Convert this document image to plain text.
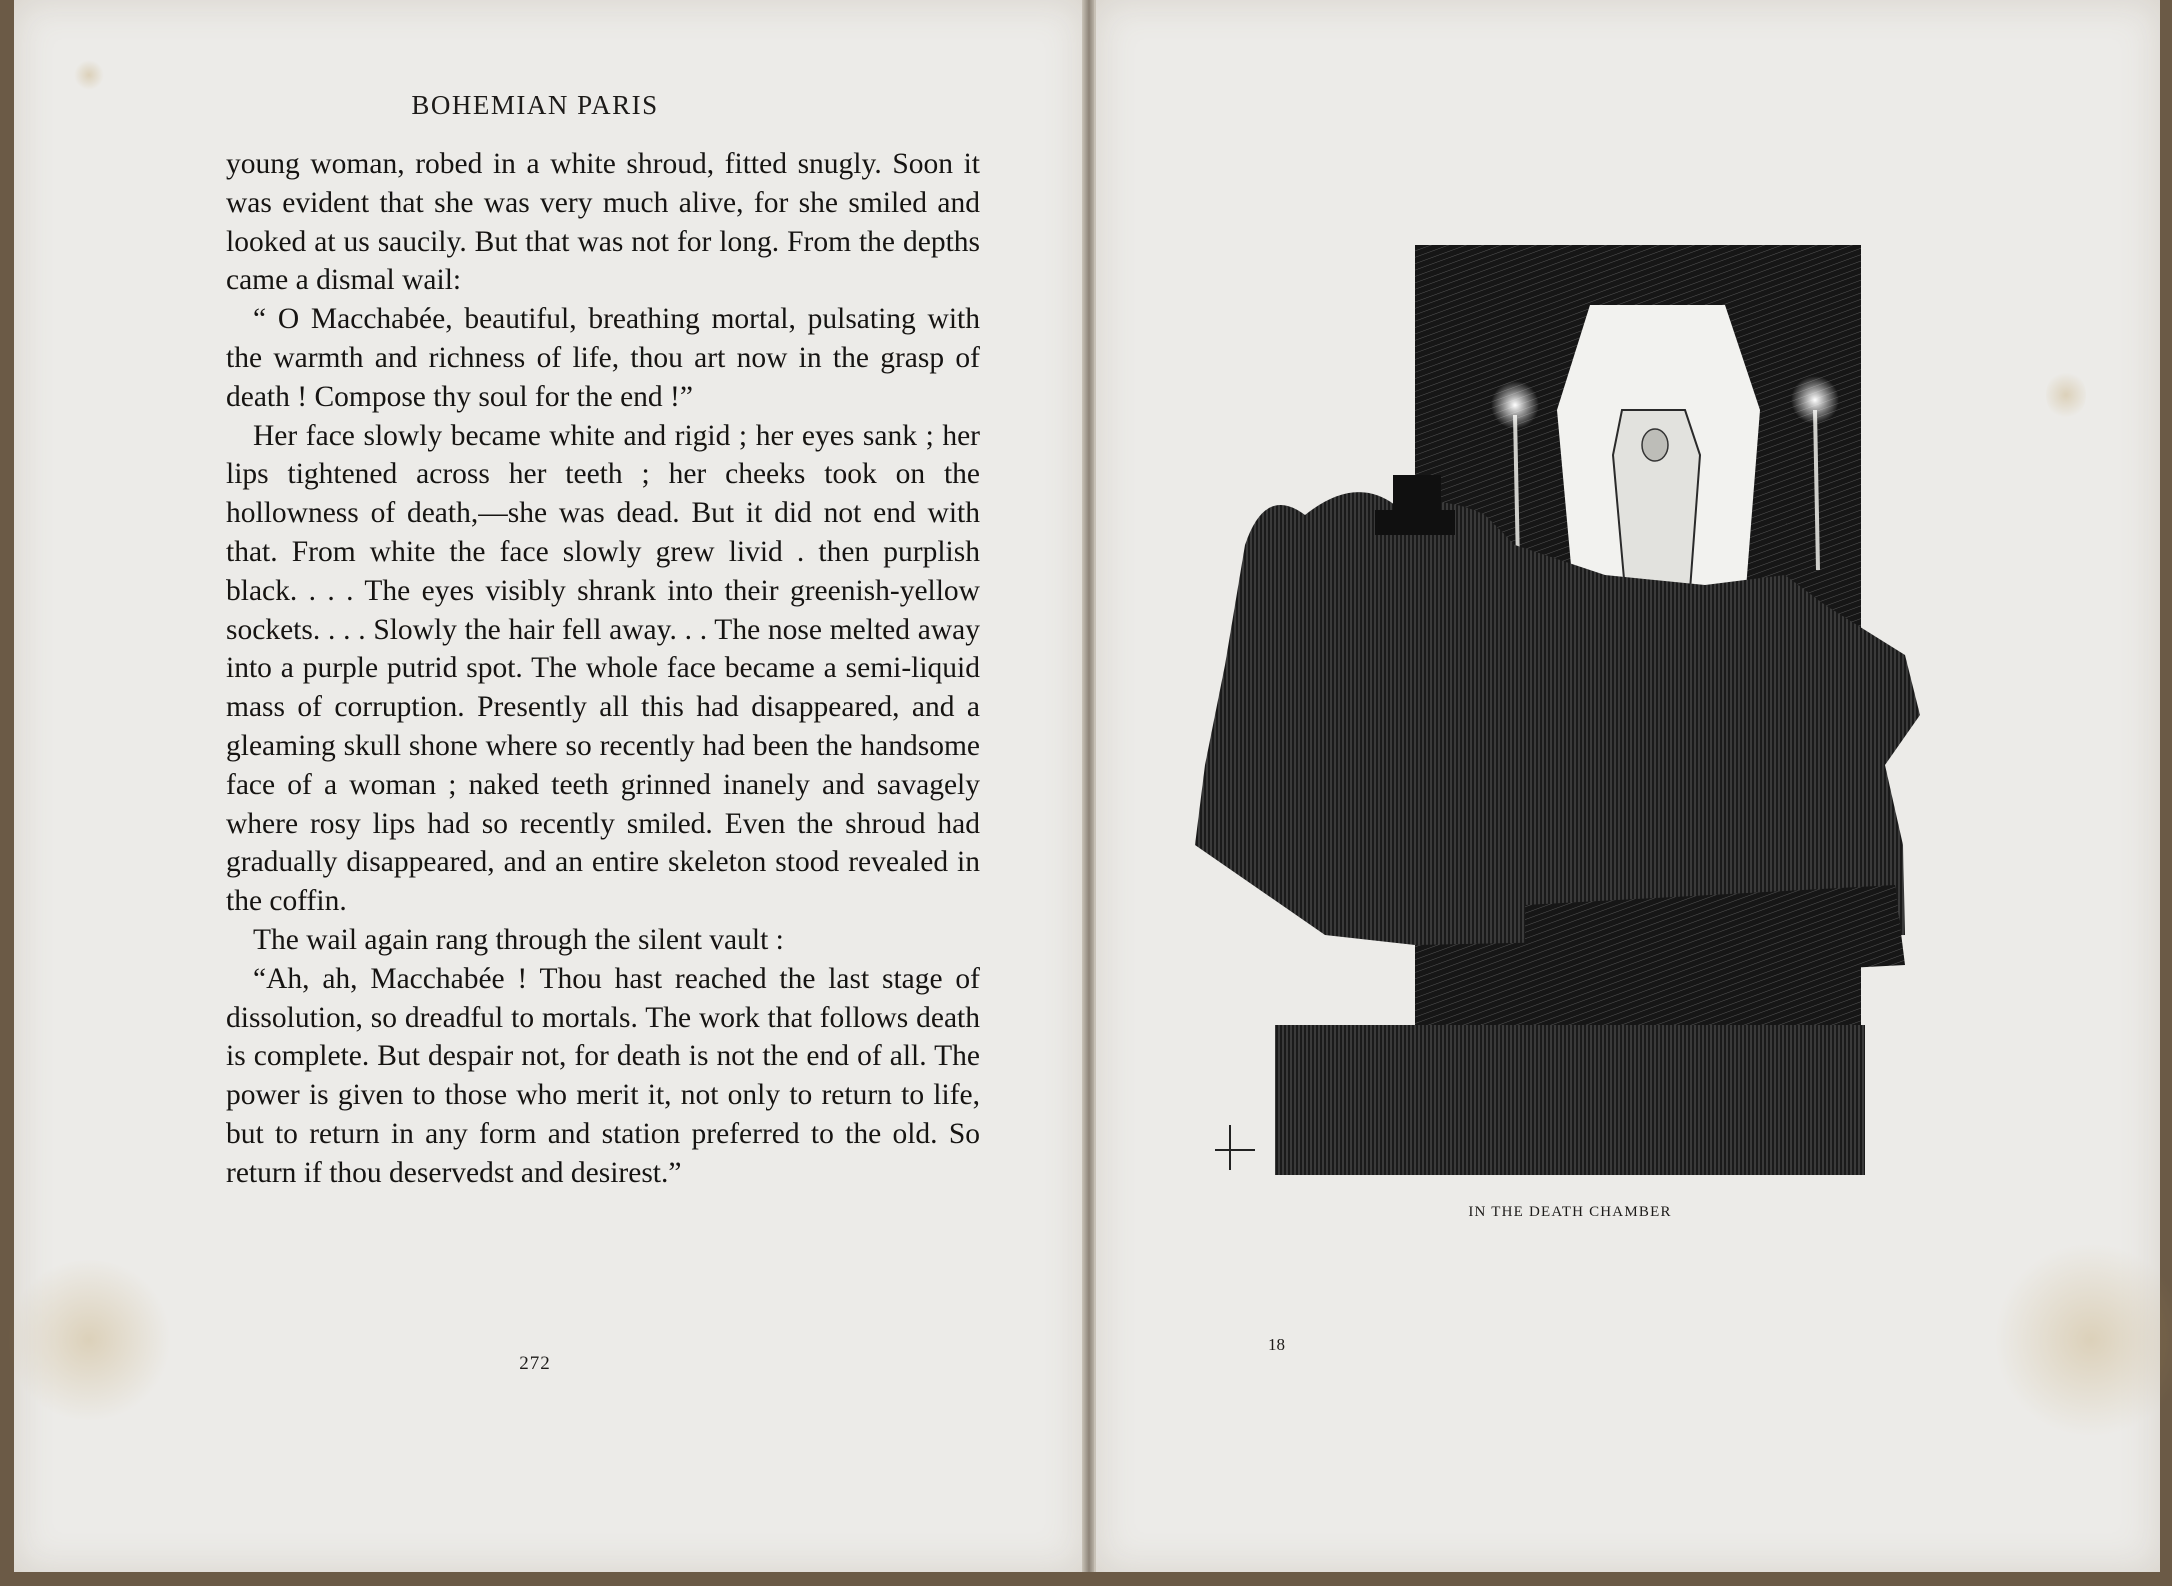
BOHEMIAN PARIS

young woman, robed in a white shroud, fitted snugly. Soon it was evident that she was very much alive, for she smiled and looked at us saucily. But that was not for long. From the depths came a dismal wail:

“ O Macchabée, beautiful, breathing mortal, pulsating with the warmth and richness of life, thou art now in the grasp of death ! Compose thy soul for the end !”

Her face slowly became white and rigid ; her eyes sank ; her lips tightened across her teeth ; her cheeks took on the hollowness of death,—she was dead. But it did not end with that. From white the face slowly grew livid . then purplish black. . . . The eyes visibly shrank into their greenish-yellow sockets. . . . Slowly the hair fell away. . . The nose melted away into a purple putrid spot. The whole face became a semi-liquid mass of corruption. Presently all this had disappeared, and a gleaming skull shone where so recently had been the handsome face of a woman ; naked teeth grinned inanely and savagely where rosy lips had so recently smiled. Even the shroud had gradually disappeared, and an entire skeleton stood revealed in the coffin.

The wail again rang through the silent vault :

“Ah, ah, Macchabée ! Thou hast reached the last stage of dissolution, so dreadful to mortals. The work that follows death is complete. But despair not, for death is not the end of all. The power is given to those who merit it, not only to return to life, but to return in any form and station preferred to the old. So return if thou deservedst and desirest.”

272
IN THE DEATH CHAMBER
18
